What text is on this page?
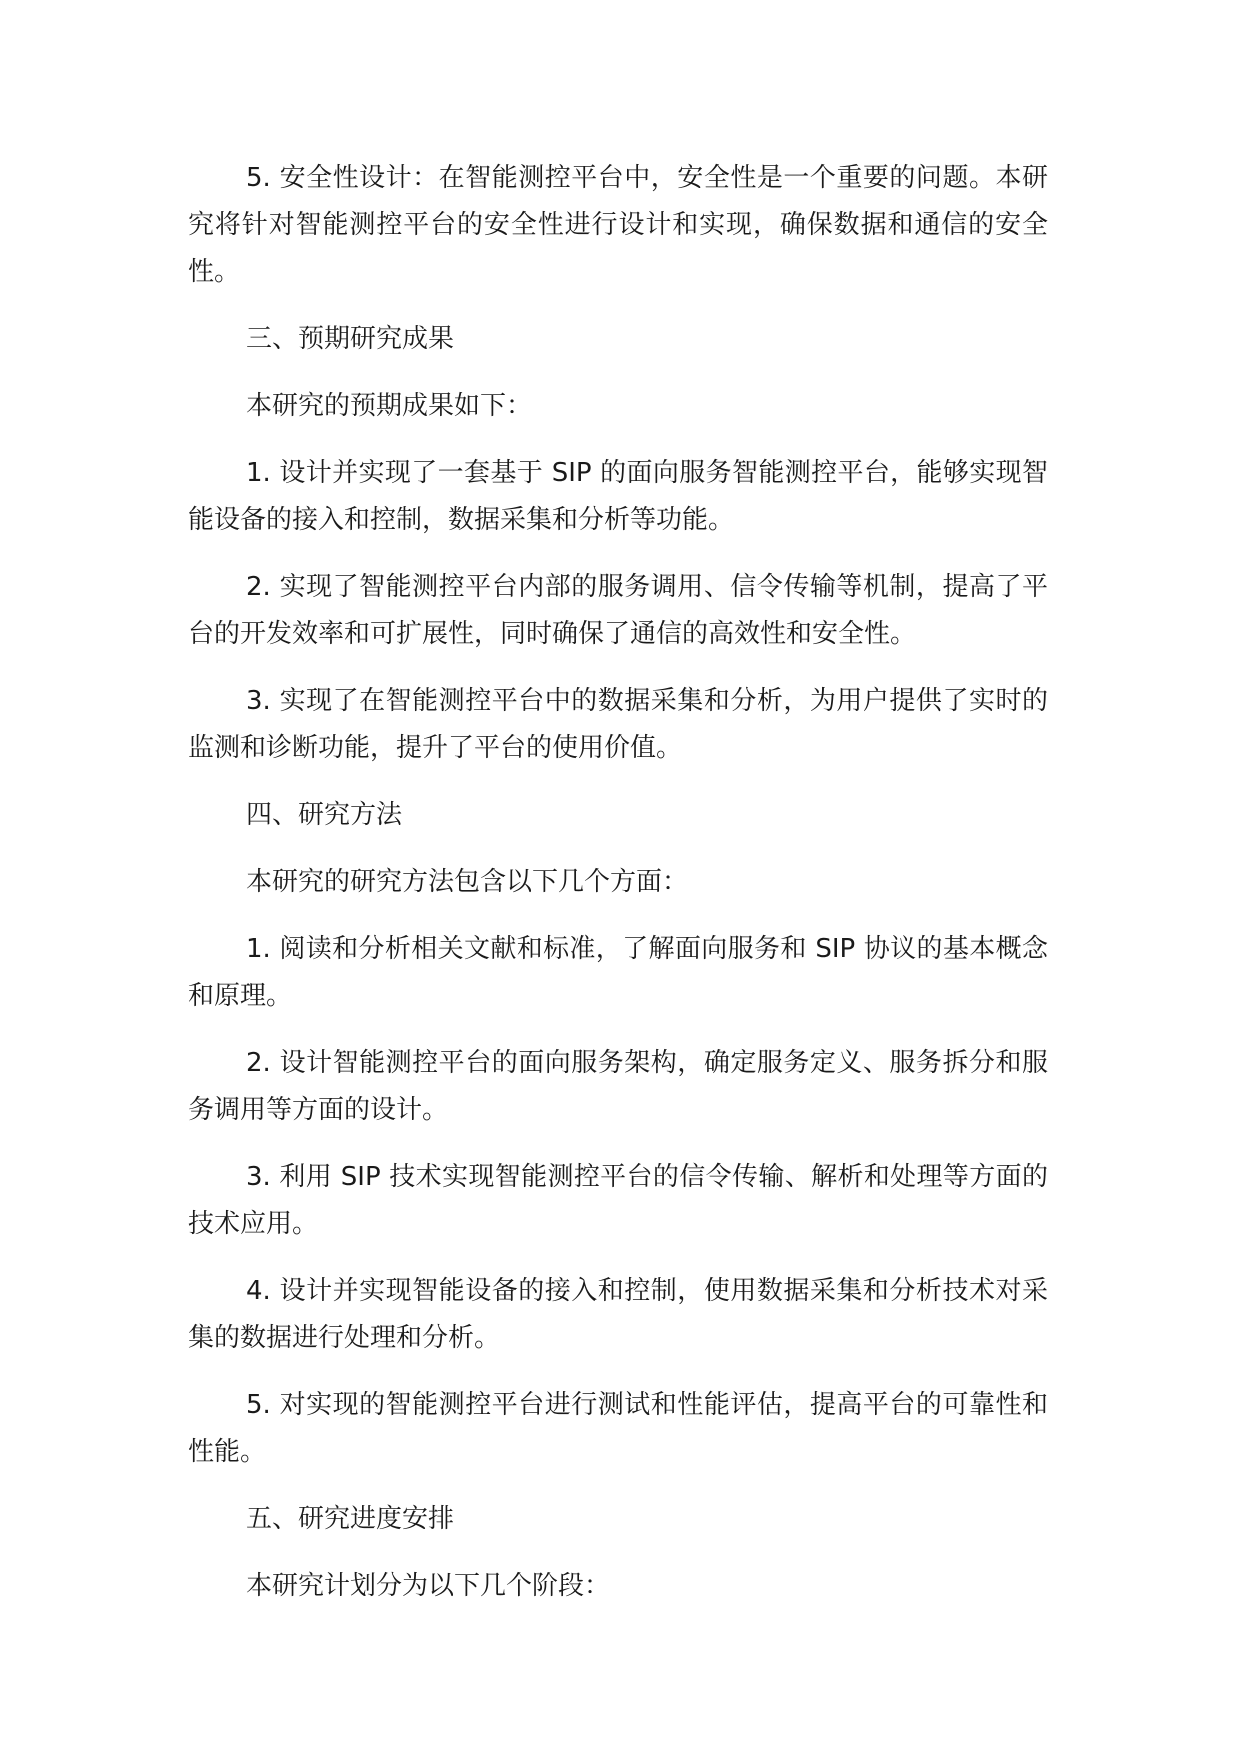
5. 安全性设计：在智能测控平台中，安全性是一个重要的问题。本研究将针对智能测控平台的安全性进行设计和实现，确保数据和通信的安全性。

三、预期研究成果

本研究的预期成果如下：

1. 设计并实现了一套基于 SIP 的面向服务智能测控平台，能够实现智能设备的接入和控制，数据采集和分析等功能。

2. 实现了智能测控平台内部的服务调用、信令传输等机制，提高了平台的开发效率和可扩展性，同时确保了通信的高效性和安全性。

3. 实现了在智能测控平台中的数据采集和分析，为用户提供了实时的监测和诊断功能，提升了平台的使用价值。

四、研究方法

本研究的研究方法包含以下几个方面：

1. 阅读和分析相关文献和标准，了解面向服务和 SIP 协议的基本概念和原理。

2. 设计智能测控平台的面向服务架构，确定服务定义、服务拆分和服务调用等方面的设计。

3. 利用 SIP 技术实现智能测控平台的信令传输、解析和处理等方面的技术应用。

4. 设计并实现智能设备的接入和控制，使用数据采集和分析技术对采集的数据进行处理和分析。

5. 对实现的智能测控平台进行测试和性能评估，提高平台的可靠性和性能。

五、研究进度安排

本研究计划分为以下几个阶段：
